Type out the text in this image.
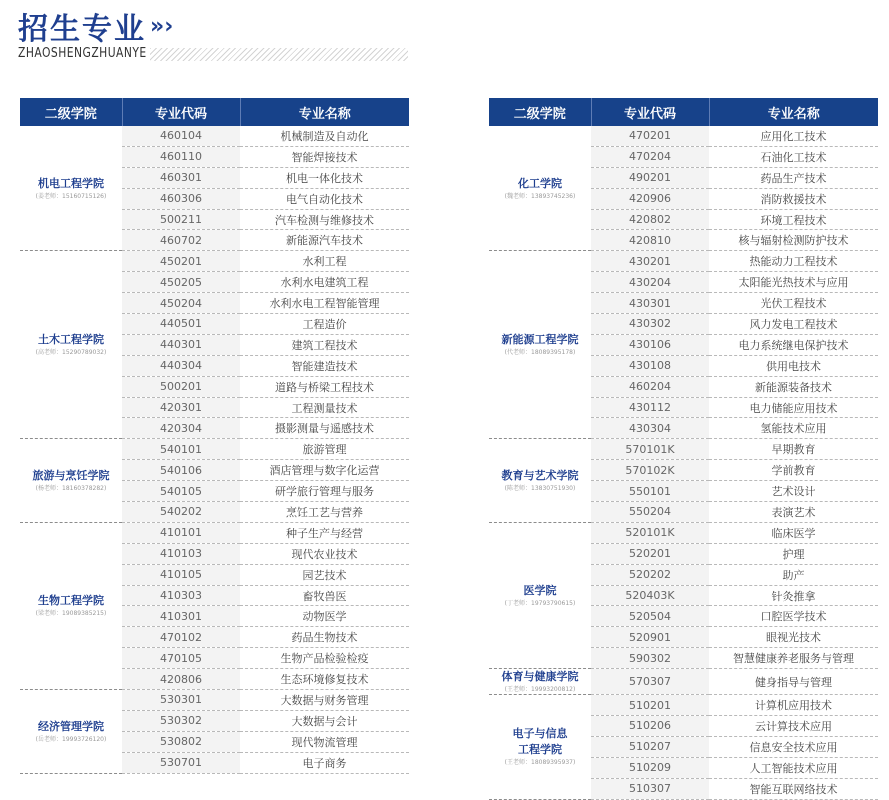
招生专业 »›
ZHAOSHENGZHUANYE
二级学院	专业代码	专业名称

机电工程学院
(姜老师：15160715126)	460104	机械制造及自动化
	460110	智能焊接技术
	460301	机电一体化技术
	460306	电气自动化技术
	500211	汽车检测与维修技术
	460702	新能源汽车技术

土木工程学院
(高老师：15290789032)	450201	水利工程
	450205	水利水电建筑工程
	450204	水利水电工程智能管理
	440501	工程造价
	440301	建筑工程技术
	440304	智能建造技术
	500201	道路与桥梁工程技术
	420301	工程测量技术
	420304	摄影测量与遥感技术

旅游与烹饪学院
(杨老师：18160378282)	540101	旅游管理
	540106	酒店管理与数字化运营
	540105	研学旅行管理与服务
	540202	烹饪工艺与营养

生物工程学院
(梁老师：19089385215)	410101	种子生产与经营
	410103	现代农业技术
	410105	园艺技术
	410303	畜牧兽医
	410301	动物医学
	470102	药品生物技术
	470105	生物产品检验检疫
	420806	生态环境修复技术

经济管理学院
(岳老师：19993726120)	530301	大数据与财务管理
	530302	大数据与会计
	530802	现代物流管理
	530701	电子商务
二级学院	专业代码	专业名称

化工学院
(魏老师：13893745236)	470201	应用化工技术
	470204	石油化工技术
	490201	药品生产技术
	420906	消防救援技术
	420802	环境工程技术
	420810	核与辐射检测防护技术

新能源工程学院
(代老师：18089395178)	430201	热能动力工程技术
	430204	太阳能光热技术与应用
	430301	光伏工程技术
	430302	风力发电工程技术
	430106	电力系统继电保护技术
	430108	供用电技术
	460204	新能源装备技术
	430112	电力储能应用技术
	430304	氢能技术应用

教育与艺术学院
(陈老师：13830751930)	570101K	早期教育
	570102K	学前教育
	550101	艺术设计
	550204	表演艺术

医学院
(丁老师：19793790615)	520101K	临床医学
	520201	护理
	520202	助产
	520403K	针灸推拿
	520504	口腔医学技术
	520901	眼视光技术
	590302	智慧健康养老服务与管理

体育与健康学院
(王老师：19993200812)	570307	健身指导与管理

电子与信息
工程学院
(王老师：18089395937)	510201	计算机应用技术
	510206	云计算技术应用
	510207	信息安全技术应用
	510209	人工智能技术应用
	510307	智能互联网络技术
